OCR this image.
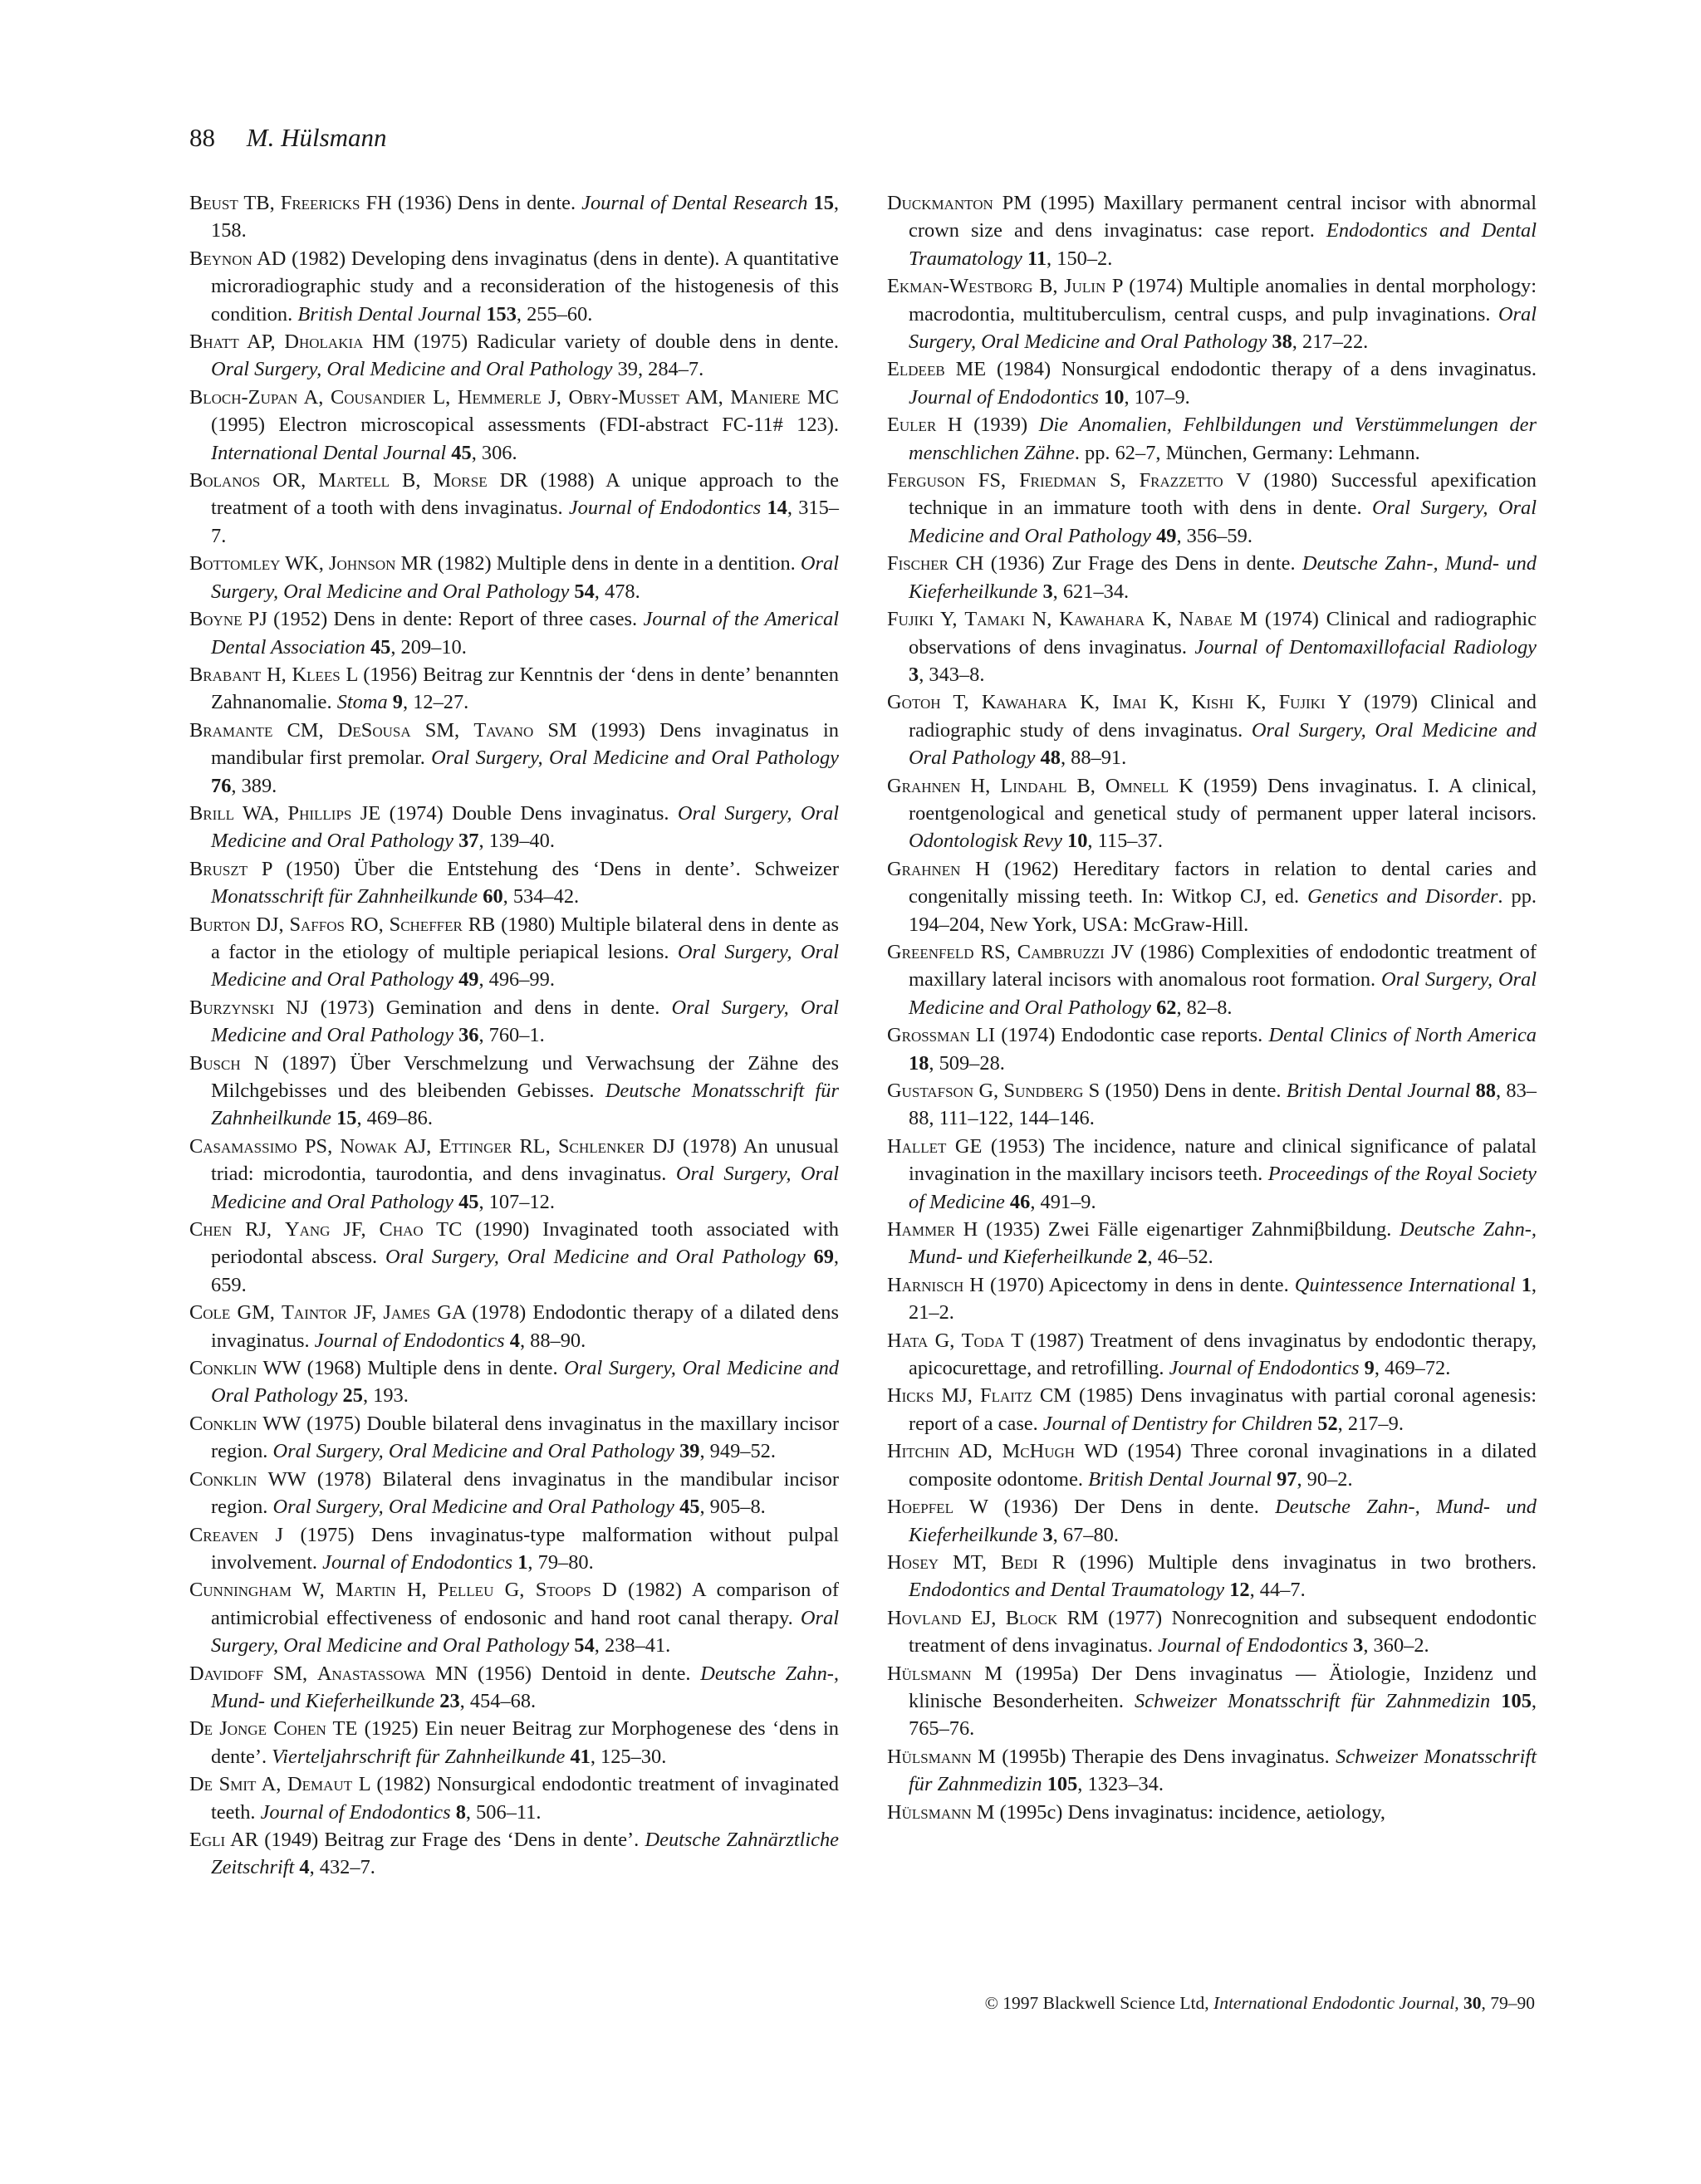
88 M. Hülsmann

Beust TB, Freericks FH (1936) Dens in dente. Journal of Dental Research 15, 158.

Beynon AD (1982) Developing dens invaginatus (dens in dente). A quantitative microradiographic study and a reconsideration of the histogenesis of this condition. British Dental Journal 153, 255–60.

Bhatt AP, Dholakia HM (1975) Radicular variety of double dens in dente. Oral Surgery, Oral Medicine and Oral Pathology 39, 284–7.

Bloch-Zupan A, Cousandier L, Hemmerle J, Obry-Musset AM, Maniere MC (1995) Electron microscopical assessments (FDI-abstract FC-11# 123). International Dental Journal 45, 306.

Bolanos OR, Martell B, Morse DR (1988) A unique approach to the treatment of a tooth with dens invaginatus. Journal of Endodontics 14, 315–7.

Bottomley WK, Johnson MR (1982) Multiple dens in dente in a dentition. Oral Surgery, Oral Medicine and Oral Pathology 54, 478.

Boyne PJ (1952) Dens in dente: Report of three cases. Journal of the Americal Dental Association 45, 209–10.

Brabant H, Klees L (1956) Beitrag zur Kenntnis der ‘dens in dente’ benannten Zahnanomalie. Stoma 9, 12–27.

Bramante CM, DeSousa SM, Tavano SM (1993) Dens invaginatus in mandibular first premolar. Oral Surgery, Oral Medicine and Oral Pathology 76, 389.

Brill WA, Phillips JE (1974) Double Dens invaginatus. Oral Surgery, Oral Medicine and Oral Pathology 37, 139–40.

Bruszt P (1950) Über die Entstehung des ‘Dens in dente’. Schweizer Monatsschrift für Zahnheilkunde 60, 534–42.

Burton DJ, Saffos RO, Scheffer RB (1980) Multiple bilateral dens in dente as a factor in the etiology of multiple periapical lesions. Oral Surgery, Oral Medicine and Oral Pathology 49, 496–99.

Burzynski NJ (1973) Gemination and dens in dente. Oral Surgery, Oral Medicine and Oral Pathology 36, 760–1.

Busch N (1897) Über Verschmelzung und Verwachsung der Zähne des Milchgebisses und des bleibenden Gebisses. Deutsche Monatsschrift für Zahnheilkunde 15, 469–86.

Casamassimo PS, Nowak AJ, Ettinger RL, Schlenker DJ (1978) An unusual triad: microdontia, taurodontia, and dens invaginatus. Oral Surgery, Oral Medicine and Oral Pathology 45, 107–12.

Chen RJ, Yang JF, Chao TC (1990) Invaginated tooth associated with periodontal abscess. Oral Surgery, Oral Medicine and Oral Pathology 69, 659.

Cole GM, Taintor JF, James GA (1978) Endodontic therapy of a dilated dens invaginatus. Journal of Endodontics 4, 88–90.

Conklin WW (1968) Multiple dens in dente. Oral Surgery, Oral Medicine and Oral Pathology 25, 193.

Conklin WW (1975) Double bilateral dens invaginatus in the maxillary incisor region. Oral Surgery, Oral Medicine and Oral Pathology 39, 949–52.

Conklin WW (1978) Bilateral dens invaginatus in the mandibular incisor region. Oral Surgery, Oral Medicine and Oral Pathology 45, 905–8.

Creaven J (1975) Dens invaginatus-type malformation without pulpal involvement. Journal of Endodontics 1, 79–80.

Cunningham W, Martin H, Pelleu G, Stoops D (1982) A comparison of antimicrobial effectiveness of endosonic and hand root canal therapy. Oral Surgery, Oral Medicine and Oral Pathology 54, 238–41.

Davidoff SM, Anastassowa MN (1956) Dentoid in dente. Deutsche Zahn-, Mund- und Kieferheilkunde 23, 454–68.

De Jonge Cohen TE (1925) Ein neuer Beitrag zur Morphogenese des ‘dens in dente’. Vierteljahrschrift für Zahnheilkunde 41, 125–30.

De Smit A, Demaut L (1982) Nonsurgical endodontic treatment of invaginated teeth. Journal of Endodontics 8, 506–11.

Egli AR (1949) Beitrag zur Frage des ‘Dens in dente’. Deutsche Zahnärztliche Zeitschrift 4, 432–7.

Duckmanton PM (1995) Maxillary permanent central incisor with abnormal crown size and dens invaginatus: case report. Endodontics and Dental Traumatology 11, 150–2.

Ekman-Westborg B, Julin P (1974) Multiple anomalies in dental morphology: macrodontia, multituberculism, central cusps, and pulp invaginations. Oral Surgery, Oral Medicine and Oral Pathology 38, 217–22.

Eldeeb ME (1984) Nonsurgical endodontic therapy of a dens invaginatus. Journal of Endodontics 10, 107–9.

Euler H (1939) Die Anomalien, Fehlbildungen und Verstümmelungen der menschlichen Zähne. pp. 62–7, München, Germany: Lehmann.

Ferguson FS, Friedman S, Frazzetto V (1980) Successful apexification technique in an immature tooth with dens in dente. Oral Surgery, Oral Medicine and Oral Pathology 49, 356–59.

Fischer CH (1936) Zur Frage des Dens in dente. Deutsche Zahn-, Mund- und Kieferheilkunde 3, 621–34.

Fujiki Y, Tamaki N, Kawahara K, Nabae M (1974) Clinical and radiographic observations of dens invaginatus. Journal of Dentomaxillofacial Radiology 3, 343–8.

Gotoh T, Kawahara K, Imai K, Kishi K, Fujiki Y (1979) Clinical and radiographic study of dens invaginatus. Oral Surgery, Oral Medicine and Oral Pathology 48, 88–91.

Grahnen H, Lindahl B, Omnell K (1959) Dens invaginatus. I. A clinical, roentgenological and genetical study of permanent upper lateral incisors. Odontologisk Revy 10, 115–37.

Grahnen H (1962) Hereditary factors in relation to dental caries and congenitally missing teeth. In: Witkop CJ, ed. Genetics and Disorder. pp. 194–204, New York, USA: McGraw-Hill.

Greenfeld RS, Cambruzzi JV (1986) Complexities of endodontic treatment of maxillary lateral incisors with anomalous root formation. Oral Surgery, Oral Medicine and Oral Pathology 62, 82–8.

Grossman LI (1974) Endodontic case reports. Dental Clinics of North America 18, 509–28.

Gustafson G, Sundberg S (1950) Dens in dente. British Dental Journal 88, 83–88, 111–122, 144–146.

Hallet GE (1953) The incidence, nature and clinical significance of palatal invagination in the maxillary incisors teeth. Proceedings of the Royal Society of Medicine 46, 491–9.

Hammer H (1935) Zwei Fälle eigenartiger Zahnmiβbildung. Deutsche Zahn-, Mund- und Kieferheilkunde 2, 46–52.

Harnisch H (1970) Apicectomy in dens in dente. Quintessence International 1, 21–2.

Hata G, Toda T (1987) Treatment of dens invaginatus by endodontic therapy, apicocurettage, and retrofilling. Journal of Endodontics 9, 469–72.

Hicks MJ, Flaitz CM (1985) Dens invaginatus with partial coronal agenesis: report of a case. Journal of Dentistry for Children 52, 217–9.

Hitchin AD, McHugh WD (1954) Three coronal invaginations in a dilated composite odontome. British Dental Journal 97, 90–2.

Hoepfel W (1936) Der Dens in dente. Deutsche Zahn-, Mund- und Kieferheilkunde 3, 67–80.

Hosey MT, Bedi R (1996) Multiple dens invaginatus in two brothers. Endodontics and Dental Traumatology 12, 44–7.

Hovland EJ, Block RM (1977) Nonrecognition and subsequent endodontic treatment of dens invaginatus. Journal of Endodontics 3, 360–2.

Hülsmann M (1995a) Der Dens invaginatus — Ätiologie, Inzidenz und klinische Besonderheiten. Schweizer Monatsschrift für Zahnmedizin 105, 765–76.

Hülsmann M (1995b) Therapie des Dens invaginatus. Schweizer Monatsschrift für Zahnmedizin 105, 1323–34.

Hülsmann M (1995c) Dens invaginatus: incidence, aetiology,

© 1997 Blackwell Science Ltd, International Endodontic Journal, 30, 79–90
